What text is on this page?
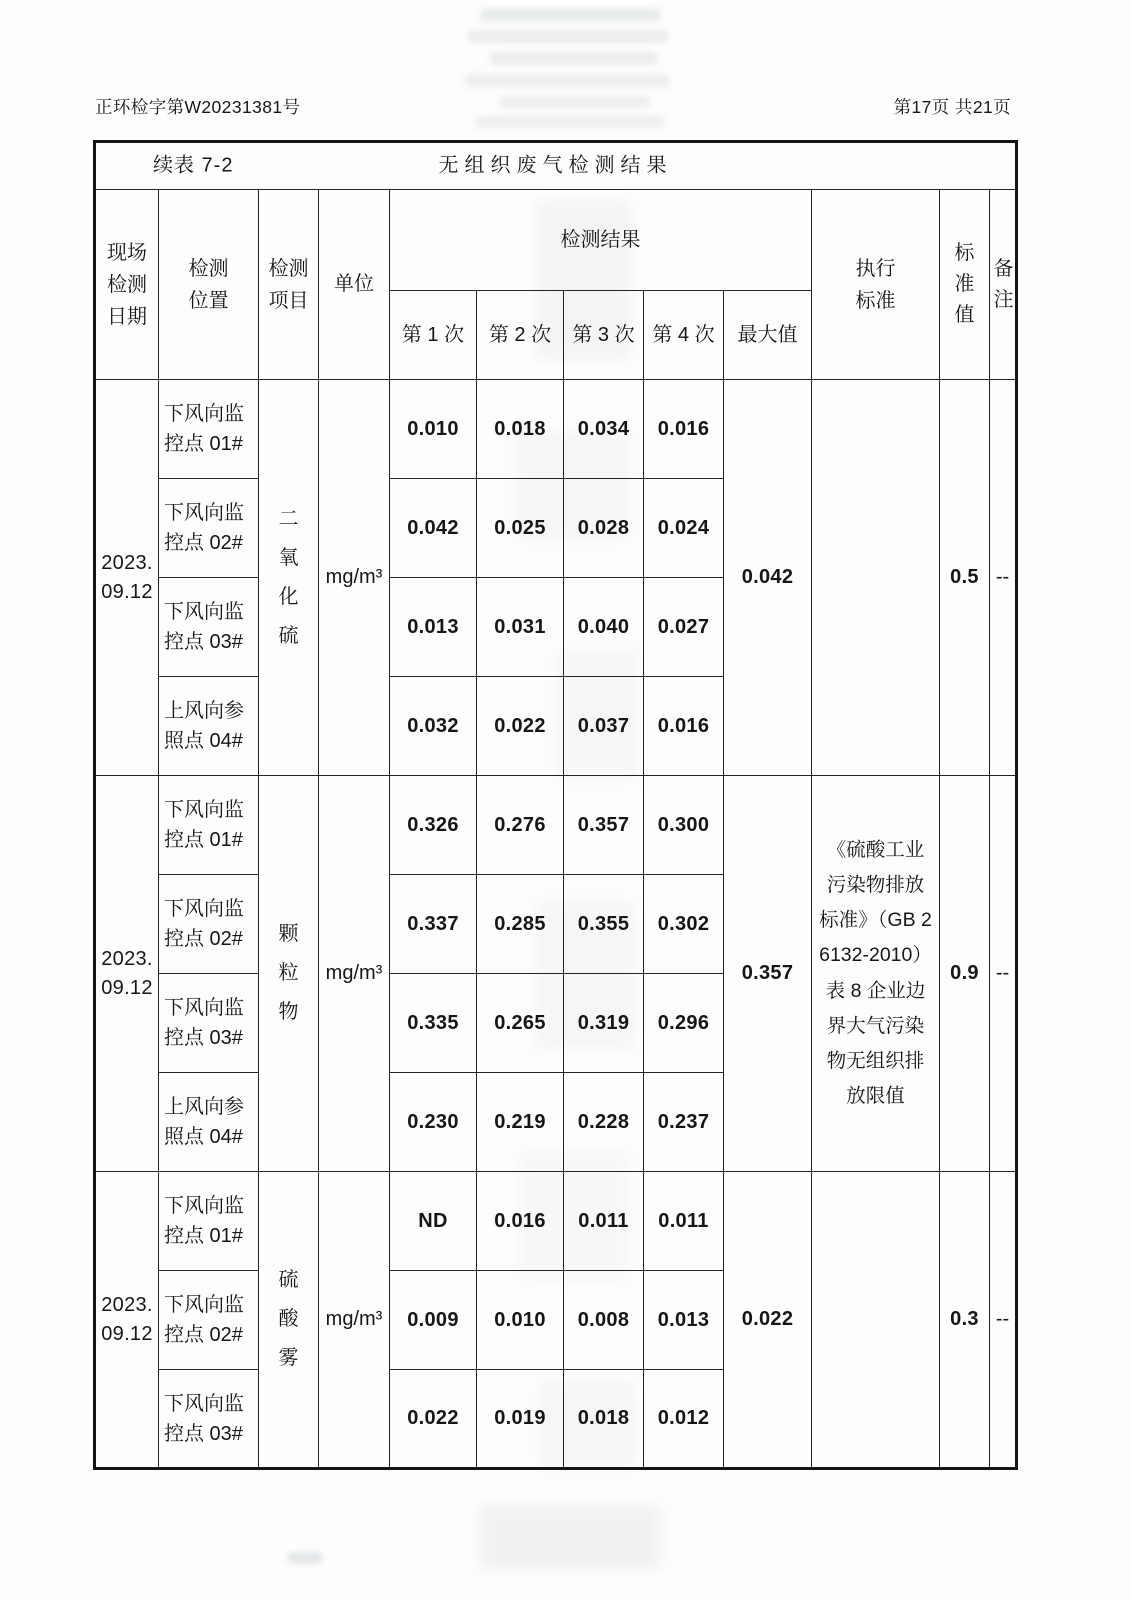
正环检字第W20231381号	第17页 共21页
续表 7-2 无组织废气检测结果											

现场检测日期	检测位置	检测项目	单位	检测结果					执行标准	标准值	备注
				第 1 次	第 2 次	第 3 次	第 4 次	最大值			
2023.09.12	下风向监控点 01#	二氧化硫	mg/m³	0.010	0.018	0.034	0.016	0.042		0.5	--
	下风向监控点 02#			0.042	0.025	0.028	0.024				
	下风向监控点 03#			0.013	0.031	0.040	0.027				
	上风向参照点 04#			0.032	0.022	0.037	0.016				
2023.09.12	下风向监控点 01#	颗粒物	mg/m³	0.326	0.276	0.357	0.300	0.357	《硫酸工业污染物排放标准》（GB 26132-2010）表 8 企业边界大气污染物无组织排放限值	0.9	--
	下风向监控点 02#			0.337	0.285	0.355	0.302				
	下风向监控点 03#			0.335	0.265	0.319	0.296				
	上风向参照点 04#			0.230	0.219	0.228	0.237				
2023.09.12	下风向监控点 01#	硫酸雾	mg/m³	ND	0.016	0.011	0.011	0.022		0.3	--
	下风向监控点 02#			0.009	0.010	0.008	0.013				
	下风向监控点 03#			0.022	0.019	0.018	0.012				
